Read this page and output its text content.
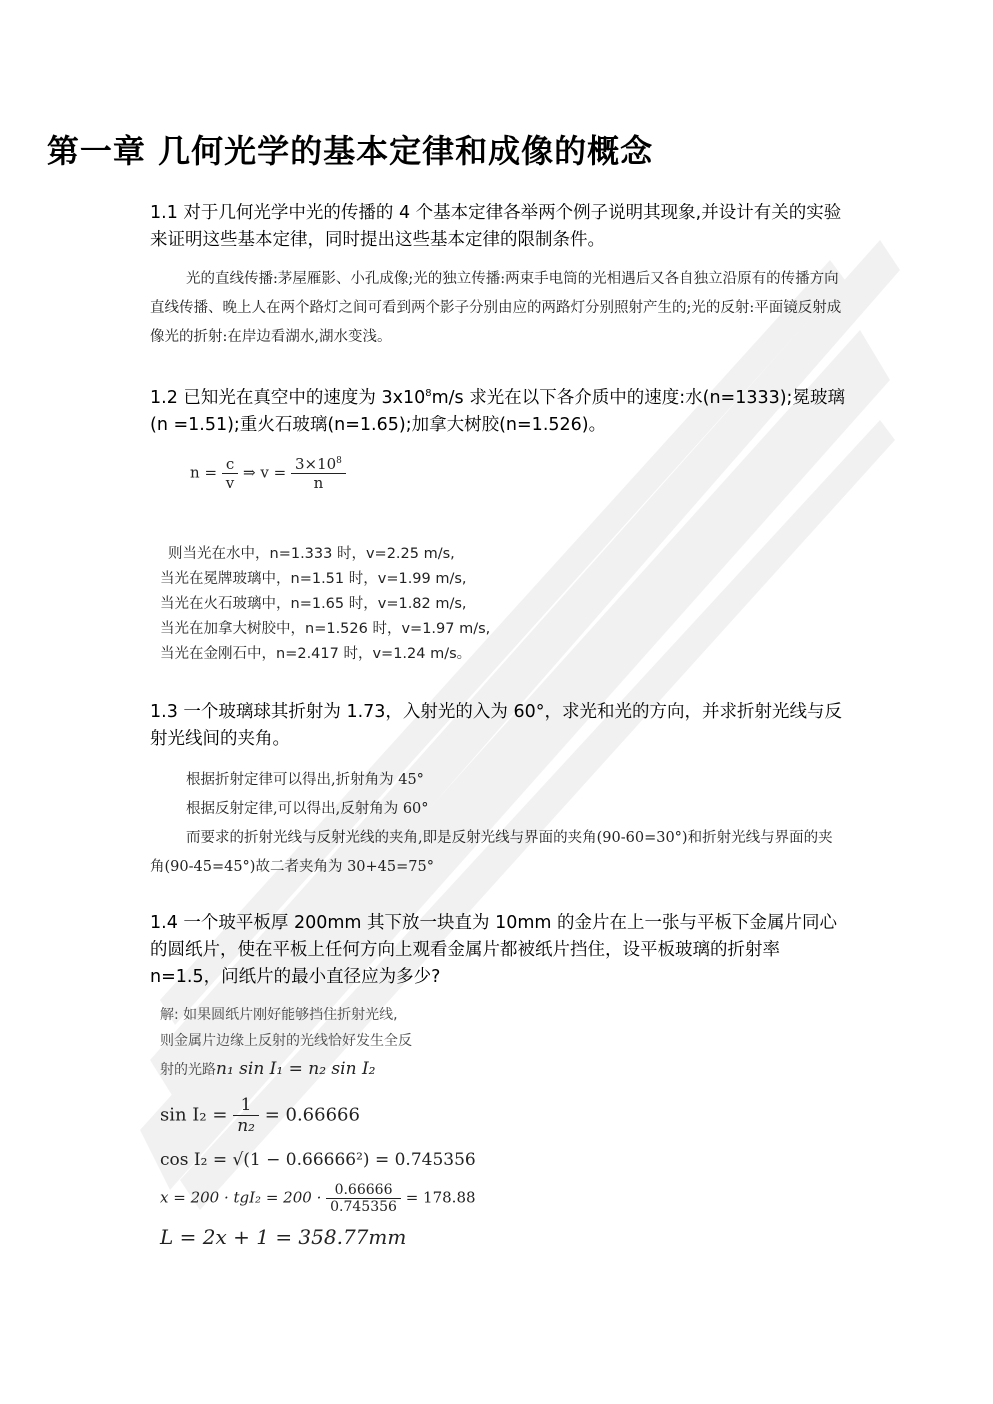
第一章 几何光学的基本定律和成像的概念
1.1 对于几何光学中光的传播的 4 个基本定律各举两个例子说明其现象,并设计有关的实验来证明这些基本定律，同时提出这些基本定律的限制条件。

光的直线传播:茅屋雁影、小孔成像;光的独立传播:两束手电筒的光相遇后又各自独立沿原有的传播方向直线传播、晚上人在两个路灯之间可看到两个影子分别由应的两路灯分别照射产生的;光的反射:平面镜反射成像光的折射:在岸边看湖水,湖水变浅。

1.2 已知光在真空中的速度为 $3x10^8m/s$ 求光在以下各介质中的速度:水(n=1333);冕玻璃(n =1.51);重火石玻璃(n=1.65);加拿大树胶(n=1.526)。
$n = \frac{c}{v}$ ⇒ $v = \frac{3\times 10^8}{n}$
则当光在水中，n=1.333 时，v=2.25 m/s,
当光在冕牌玻璃中，n=1.51 时，v=1.99 m/s,
当光在火石玻璃中，n=1.65 时，v=1.82 m/s,
当光在加拿大树胶中，n=1.526 时，v=1.97 m/s,
当光在金刚石中，n=2.417 时，v=1.24 m/s。
1.3 一个玻璃球其折射为 1.73，入射光的入为 60°，求光和光的方向，并求折射光线与反射光线间的夹角。

根据折射定律可以得出,折射角为 45°

根据反射定律,可以得出,反射角为 60°

而要求的折射光线与反射光线的夹角,即是反射光线与界面的夹角(90-60=30°)和折射光线与界面的夹角(90-45=45°)故二者夹角为 30+45=75°

1.4 一个玻平板厚 200mm 其下放一块直为 10mm 的金片在上一张与平板下金属片同心的圆纸片，使在平板上任何方向上观看金属片都被纸片挡住，设平板玻璃的折射率 n=1.5，问纸片的最小直径应为多少?
解: 如果圆纸片刚好能够挡住折射光线,
则金属片边缘上反射的光线恰好发生全反
射的光路n₁ sin I₁ = n₂ sin I₂
$\sin I_2 = \frac{1}{\text{n₂}} = 0.66666$
cos I₂ = √(1 − 0.66666²) = 0.745356
$x = 200 \cdot tgI_2 = 200 \cdot \frac{0.66666}{0.745356} = 178.88$
L = 2x + 1 = 358.77mm
